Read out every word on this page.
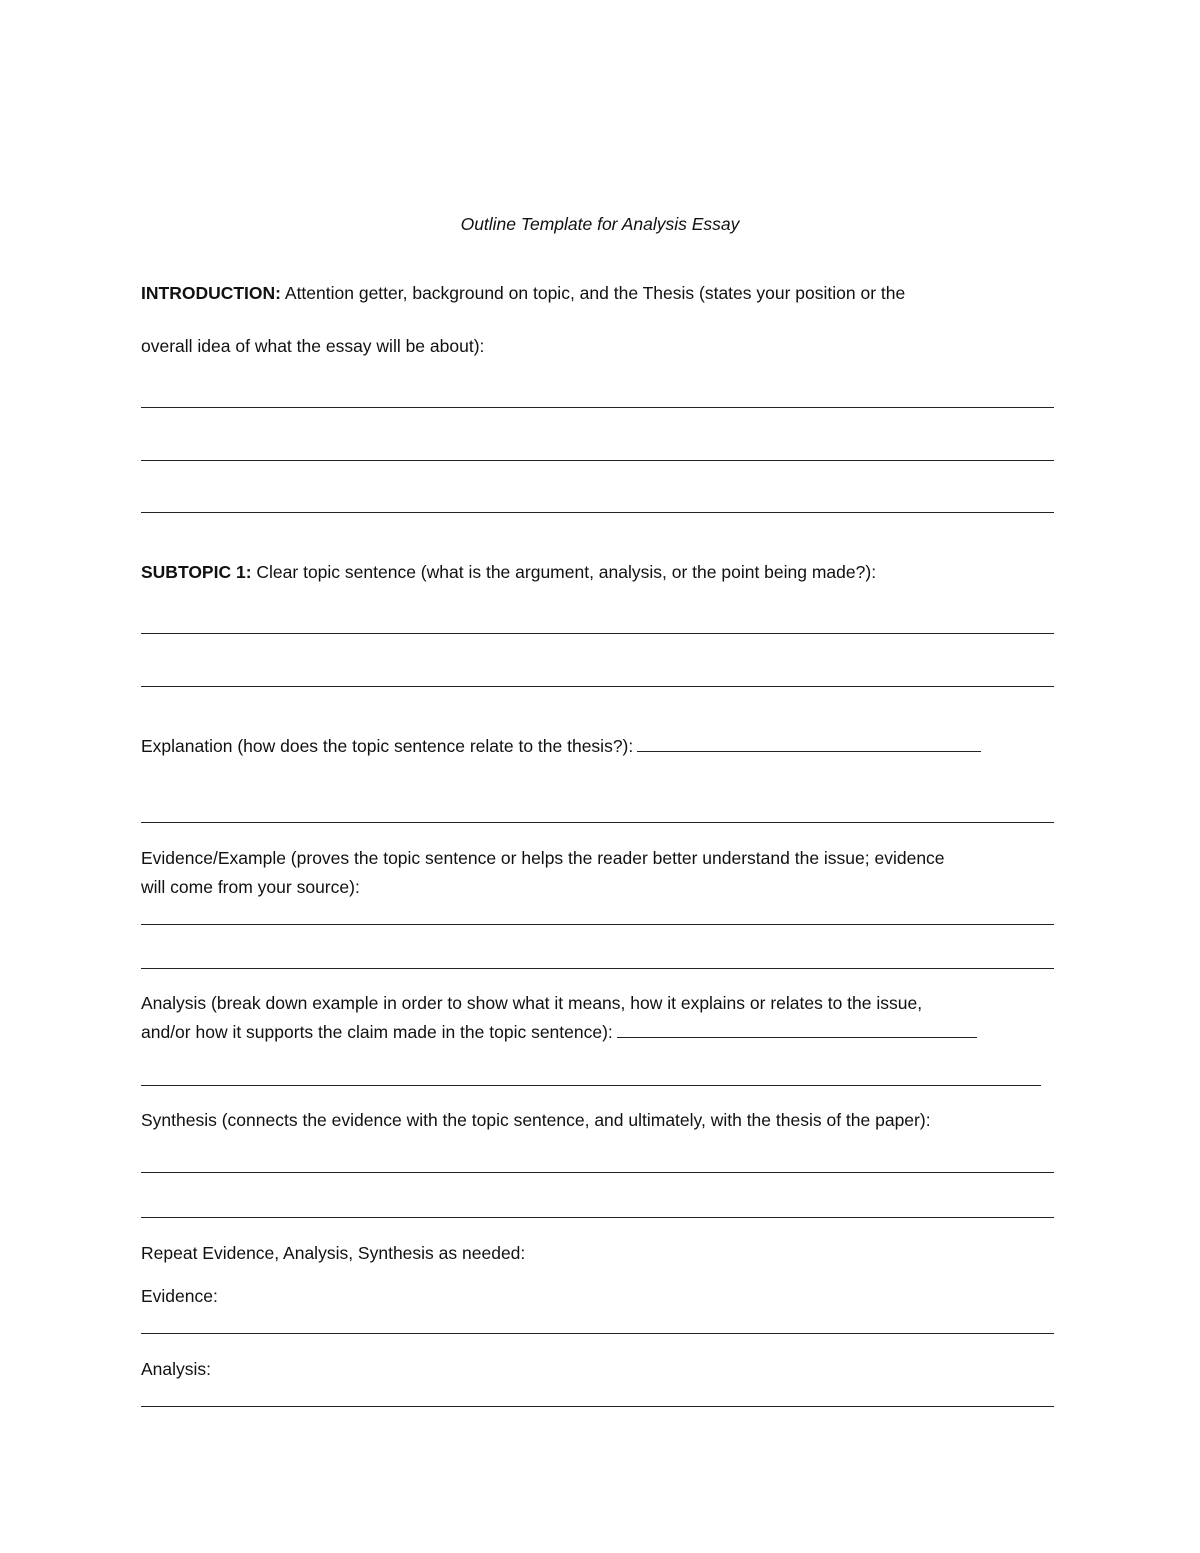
Outline Template for Analysis Essay

INTRODUCTION: Attention getter, background on topic, and the Thesis (states your position or the

overall idea of what the essay will be about):

SUBTOPIC 1: Clear topic sentence (what is the argument, analysis, or the point being made?):

Explanation (how does the topic sentence relate to the thesis?):

Evidence/Example (proves the topic sentence or helps the reader better understand the issue; evidence

will come from your source):

Analysis (break down example in order to show what it means, how it explains or relates to the issue,

and/or how it supports the claim made in the topic sentence):

Synthesis (connects the evidence with the topic sentence, and ultimately, with the thesis of the paper):

Repeat Evidence, Analysis, Synthesis as needed:

Evidence:

Analysis:
